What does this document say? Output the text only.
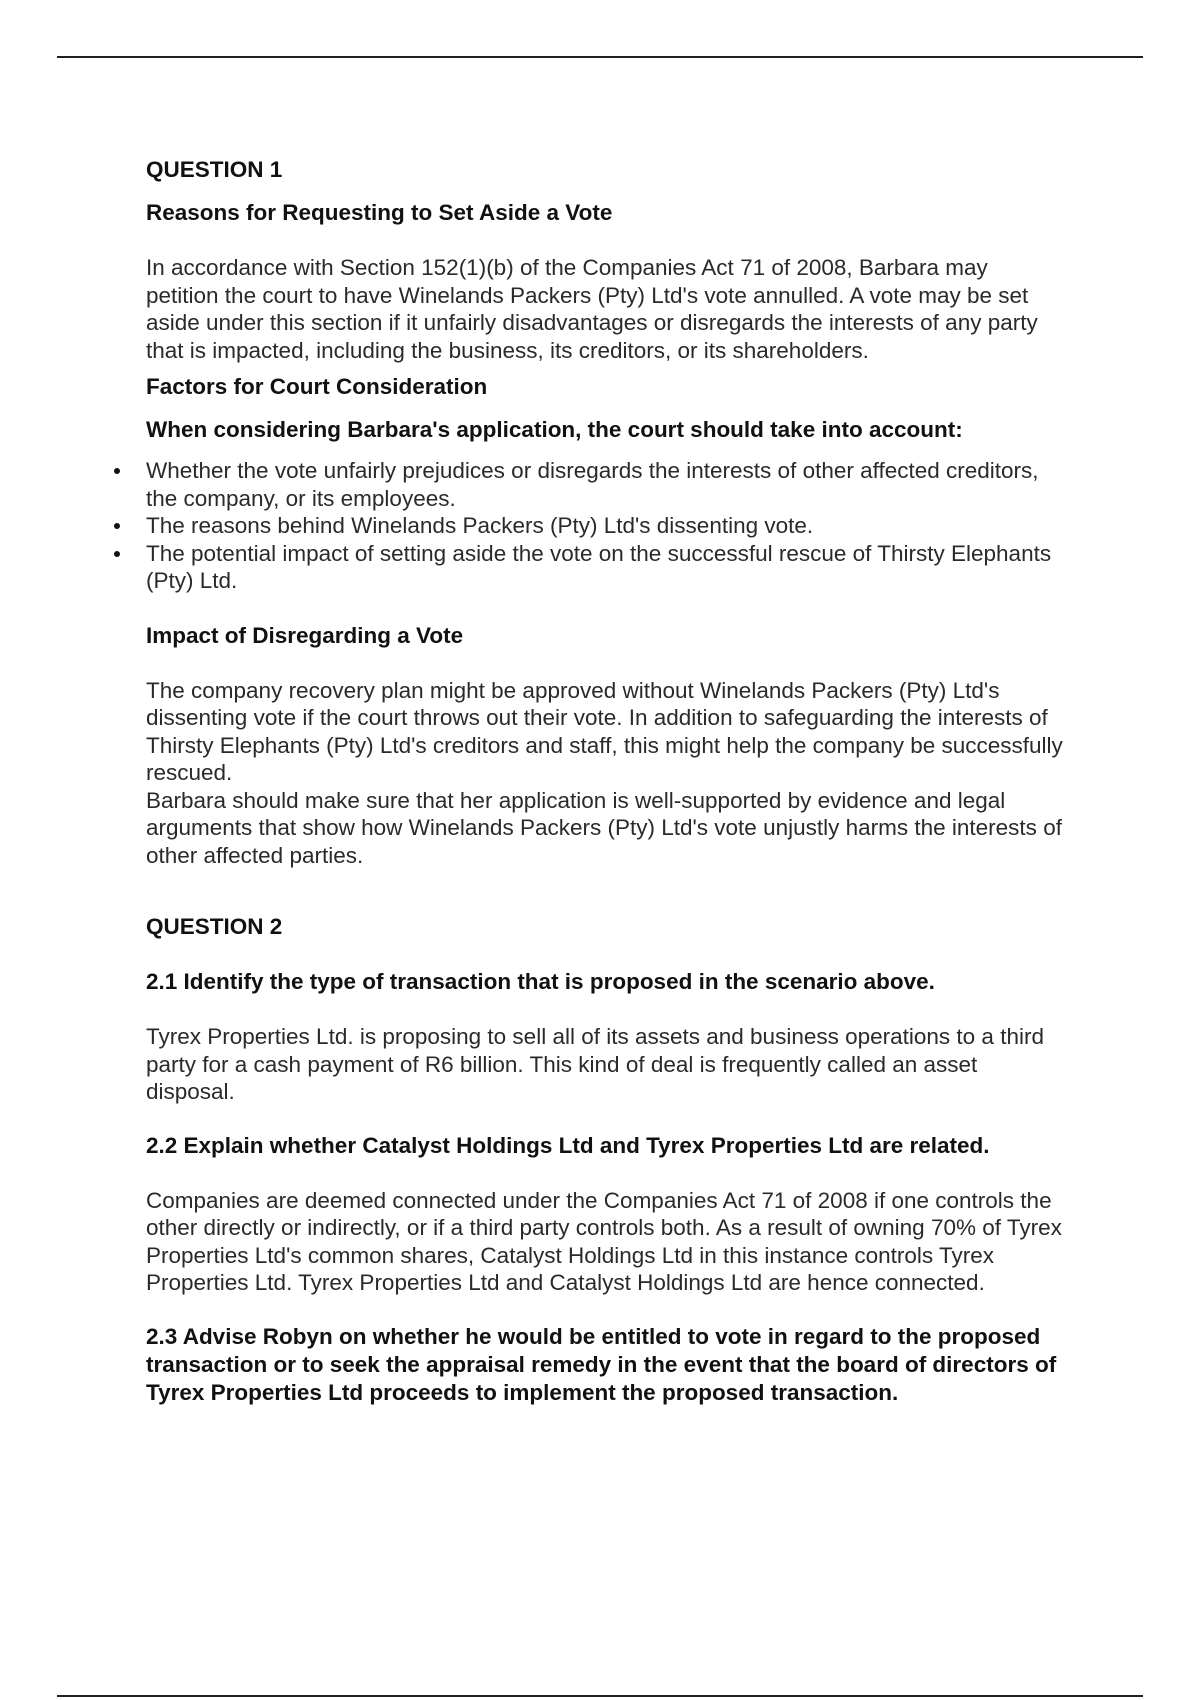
QUESTION 1
Reasons for Requesting to Set Aside a Vote

In accordance with Section 152(1)(b) of the Companies Act 71 of 2008, Barbara may petition the court to have Winelands Packers (Pty) Ltd's vote annulled. A vote may be set aside under this section if it unfairly disadvantages or disregards the interests of any party that is impacted, including the business, its creditors, or its shareholders.

Factors for Court Consideration
When considering Barbara's application, the court should take into account:
Whether the vote unfairly prejudices or disregards the interests of other affected creditors, the company, or its employees.
The reasons behind Winelands Packers (Pty) Ltd's dissenting vote.
The potential impact of setting aside the vote on the successful rescue of Thirsty Elephants (Pty) Ltd.
Impact of Disregarding a Vote

The company recovery plan might be approved without Winelands Packers (Pty) Ltd's dissenting vote if the court throws out their vote. In addition to safeguarding the interests of Thirsty Elephants (Pty) Ltd's creditors and staff, this might help the company be successfully rescued.

Barbara should make sure that her application is well-supported by evidence and legal arguments that show how Winelands Packers (Pty) Ltd's vote unjustly harms the interests of other affected parties.

QUESTION 2
2.1 Identify the type of transaction that is proposed in the scenario above.

Tyrex Properties Ltd. is proposing to sell all of its assets and business operations to a third party for a cash payment of R6 billion. This kind of deal is frequently called an asset disposal.

2.2 Explain whether Catalyst Holdings Ltd and Tyrex Properties Ltd are related.

Companies are deemed connected under the Companies Act 71 of 2008 if one controls the other directly or indirectly, or if a third party controls both. As a result of owning 70% of Tyrex Properties Ltd's common shares, Catalyst Holdings Ltd in this instance controls Tyrex Properties Ltd. Tyrex Properties Ltd and Catalyst Holdings Ltd are hence connected.

2.3 Advise Robyn on whether he would be entitled to vote in regard to the proposed transaction or to seek the appraisal remedy in the event that the board of directors of Tyrex Properties Ltd proceeds to implement the proposed transaction.
